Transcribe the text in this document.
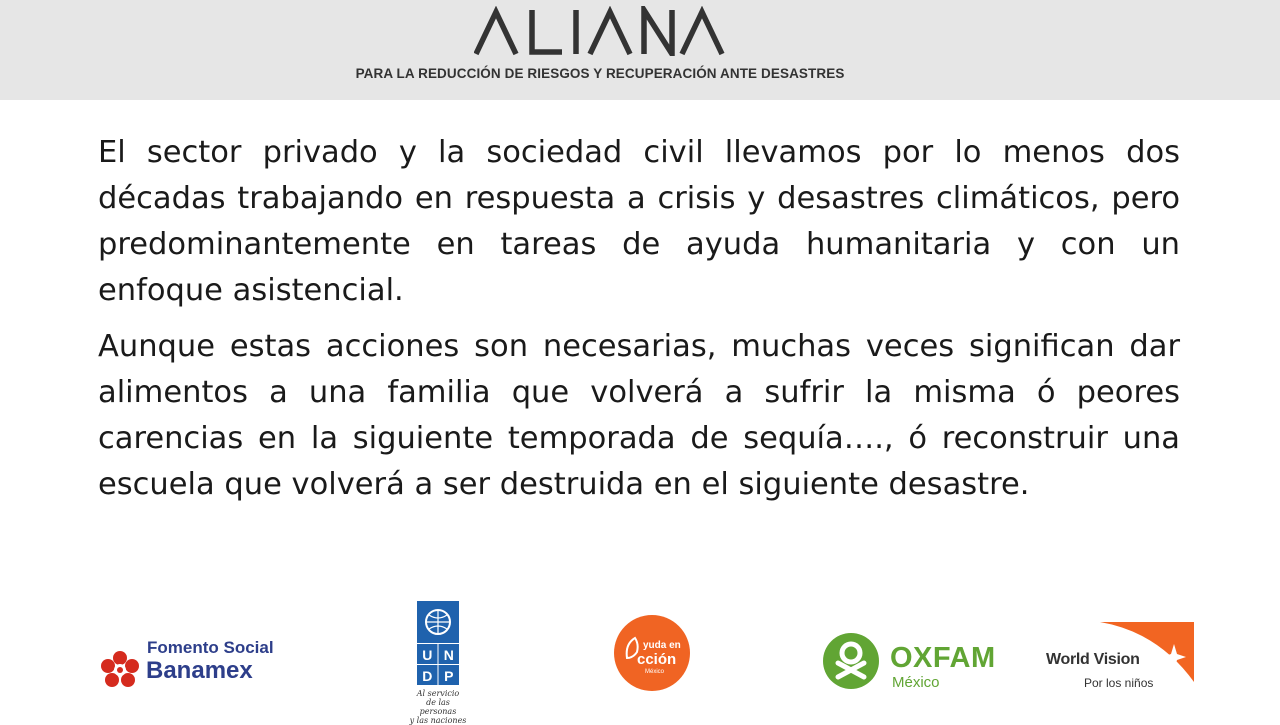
PARA LA REDUCCIÓN DE RIESGOS Y RECUPERACIÓN ANTE DESASTRES

El sector privado y la sociedad civil llevamos por lo menos dos décadas trabajando en respuesta a crisis y desastres climáticos, pero predominantemente en tareas de ayuda humanitaria y con un enfoque asistencial.

Aunque estas acciones son necesarias, muchas veces significan dar alimentos a una familia que volverá a sufrir la misma ó peores carencias en la siguiente temporada de sequía…., ó reconstruir una escuela que volverá a ser destruida en el siguiente desastre.

Fomento Social
Banamex
U N
D P
Al servicio
de las personas
y las naciones
yuda en
cción
México	OXFAM
México
World Vision
Por los niños
